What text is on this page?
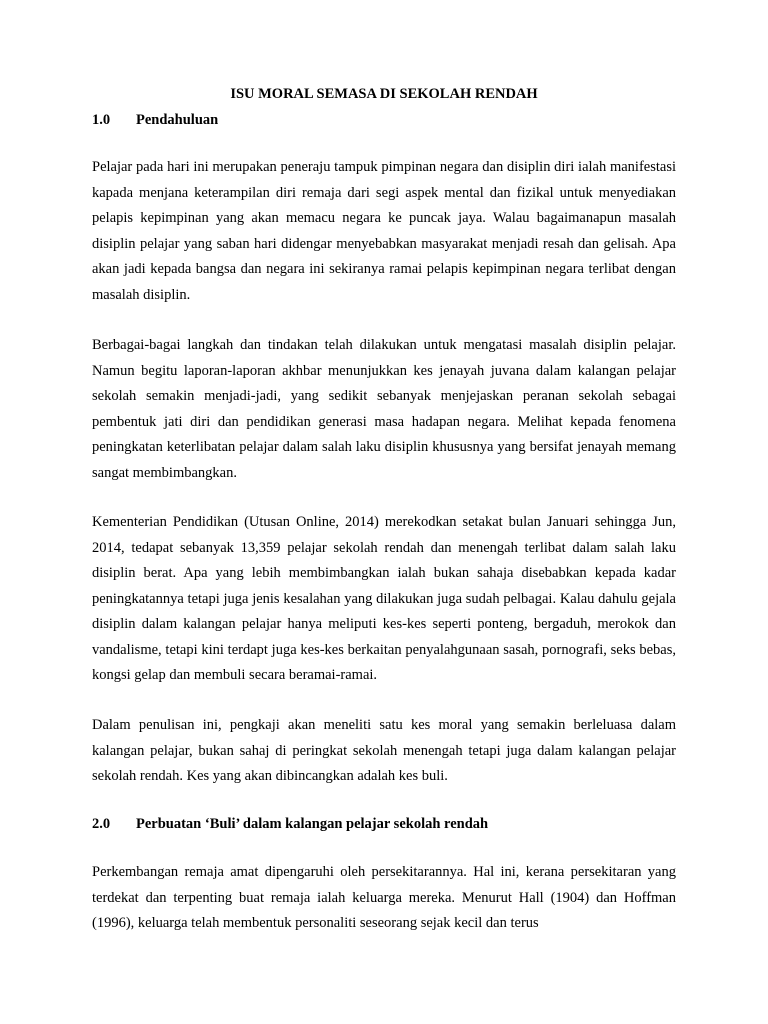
ISU MORAL SEMASA DI SEKOLAH RENDAH
1.0 Pendahuluan

Pelajar pada hari ini merupakan peneraju tampuk pimpinan negara dan disiplin diri ialah manifestasi kapada menjana keterampilan diri remaja dari segi aspek mental dan fizikal untuk menyediakan pelapis kepimpinan yang akan memacu negara ke puncak jaya. Walau bagaimanapun masalah disiplin pelajar yang saban hari didengar menyebabkan masyarakat menjadi resah dan gelisah. Apa akan jadi kepada bangsa dan negara ini sekiranya ramai pelapis kepimpinan negara terlibat dengan masalah disiplin.

Berbagai-bagai langkah dan tindakan telah dilakukan untuk mengatasi masalah disiplin pelajar. Namun begitu laporan-laporan akhbar menunjukkan kes jenayah juvana dalam kalangan pelajar sekolah semakin menjadi-jadi, yang sedikit sebanyak menjejaskan peranan sekolah sebagai pembentuk jati diri dan pendidikan generasi masa hadapan negara. Melihat kepada fenomena peningkatan keterlibatan pelajar dalam salah laku disiplin khususnya yang bersifat jenayah memang sangat membimbangkan.

Kementerian Pendidikan (Utusan Online, 2014) merekodkan setakat bulan Januari sehingga Jun, 2014, tedapat sebanyak 13,359 pelajar sekolah rendah dan menengah terlibat dalam salah laku disiplin berat. Apa yang lebih membimbangkan ialah bukan sahaja disebabkan kepada kadar peningkatannya tetapi juga jenis kesalahan yang dilakukan juga sudah pelbagai. Kalau dahulu gejala disiplin dalam kalangan pelajar hanya meliputi kes-kes seperti ponteng, bergaduh, merokok dan vandalisme, tetapi kini terdapt juga kes-kes berkaitan penyalahgunaan sasah, pornografi, seks bebas, kongsi gelap dan membuli secara beramai-ramai.

Dalam penulisan ini, pengkaji akan meneliti satu kes moral yang semakin berleluasa dalam kalangan pelajar, bukan sahaj di peringkat sekolah menengah tetapi juga dalam kalangan pelajar sekolah rendah. Kes yang akan dibincangkan adalah kes buli.

2.0 Perbuatan ‘Buli’ dalam kalangan pelajar sekolah rendah

Perkembangan remaja amat dipengaruhi oleh persekitarannya. Hal ini, kerana persekitaran yang terdekat dan terpenting buat remaja ialah keluarga mereka. Menurut Hall (1904) dan Hoffman (1996), keluarga telah membentuk personaliti seseorang sejak kecil dan terus
